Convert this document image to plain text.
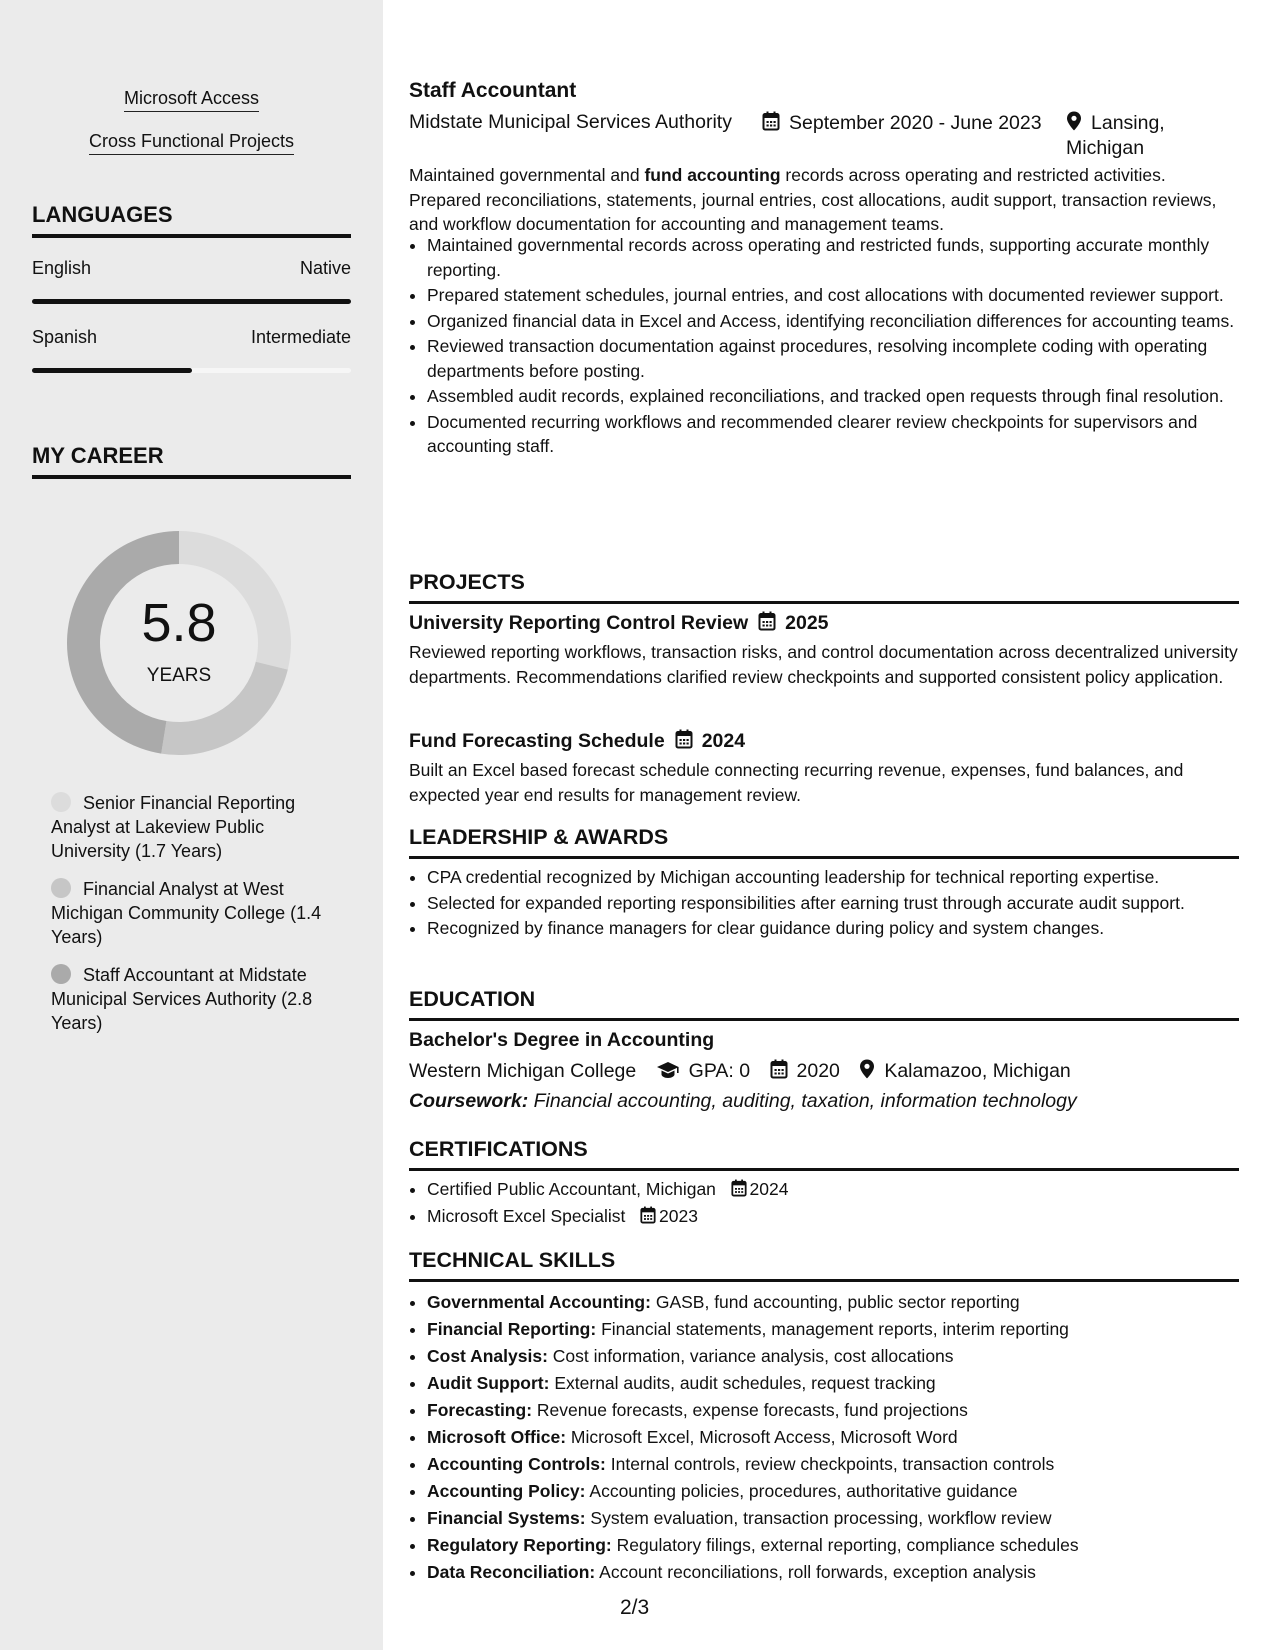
Microsoft Access
Cross Functional Projects
LANGUAGES
English	Native
Spanish	Intermediate
MY CAREER
5.8
YEARS
Senior Financial Reporting Analyst at Lakeview Public University (1.7 Years)
Financial Analyst at West Michigan Community College (1.4 Years)
Staff Accountant at Midstate Municipal Services Authority (2.8 Years)
Staff Accountant
Midstate Municipal Services Authority	September 2020 - June 2023	Lansing,
Michigan
Maintained governmental and fund accounting records across operating and restricted activities. Prepared reconciliations, statements, journal entries, cost allocations, audit support, transaction reviews, and workflow documentation for accounting and management teams.
• Maintained governmental records across operating and restricted funds, supporting accurate monthly reporting.
• Prepared statement schedules, journal entries, and cost allocations with documented reviewer support.
• Organized financial data in Excel and Access, identifying reconciliation differences for accounting teams.
• Reviewed transaction documentation against procedures, resolving incomplete coding with operating departments before posting.
• Assembled audit records, explained reconciliations, and tracked open requests through final resolution.
• Documented recurring workflows and recommended clearer review checkpoints for supervisors and accounting staff.
PROJECTS
University Reporting Control Review 2025
Reviewed reporting workflows, transaction risks, and control documentation across decentralized university departments. Recommendations clarified review checkpoints and supported consistent policy application.
Fund Forecasting Schedule 2024
Built an Excel based forecast schedule connecting recurring revenue, expenses, fund balances, and expected year end results for management review.
LEADERSHIP & AWARDS
• CPA credential recognized by Michigan accounting leadership for technical reporting expertise.
• Selected for expanded reporting responsibilities after earning trust through accurate audit support.
• Recognized by finance managers for clear guidance during policy and system changes.
EDUCATION
Bachelor's Degree in Accounting
Western Michigan College	GPA: 0 2020 Kalamazoo, Michigan
Coursework: Financial accounting, auditing, taxation, information technology
CERTIFICATIONS
• Certified Public Accountant, Michigan 2024
• Microsoft Excel Specialist 2023
TECHNICAL SKILLS
• Governmental Accounting: GASB, fund accounting, public sector reporting
• Financial Reporting: Financial statements, management reports, interim reporting
• Cost Analysis: Cost information, variance analysis, cost allocations
• Audit Support: External audits, audit schedules, request tracking
• Forecasting: Revenue forecasts, expense forecasts, fund projections
• Microsoft Office: Microsoft Excel, Microsoft Access, Microsoft Word
• Accounting Controls: Internal controls, review checkpoints, transaction controls
• Accounting Policy: Accounting policies, procedures, authoritative guidance
• Financial Systems: System evaluation, transaction processing, workflow review
• Regulatory Reporting: Regulatory filings, external reporting, compliance schedules
• Data Reconciliation: Account reconciliations, roll forwards, exception analysis
2/3
